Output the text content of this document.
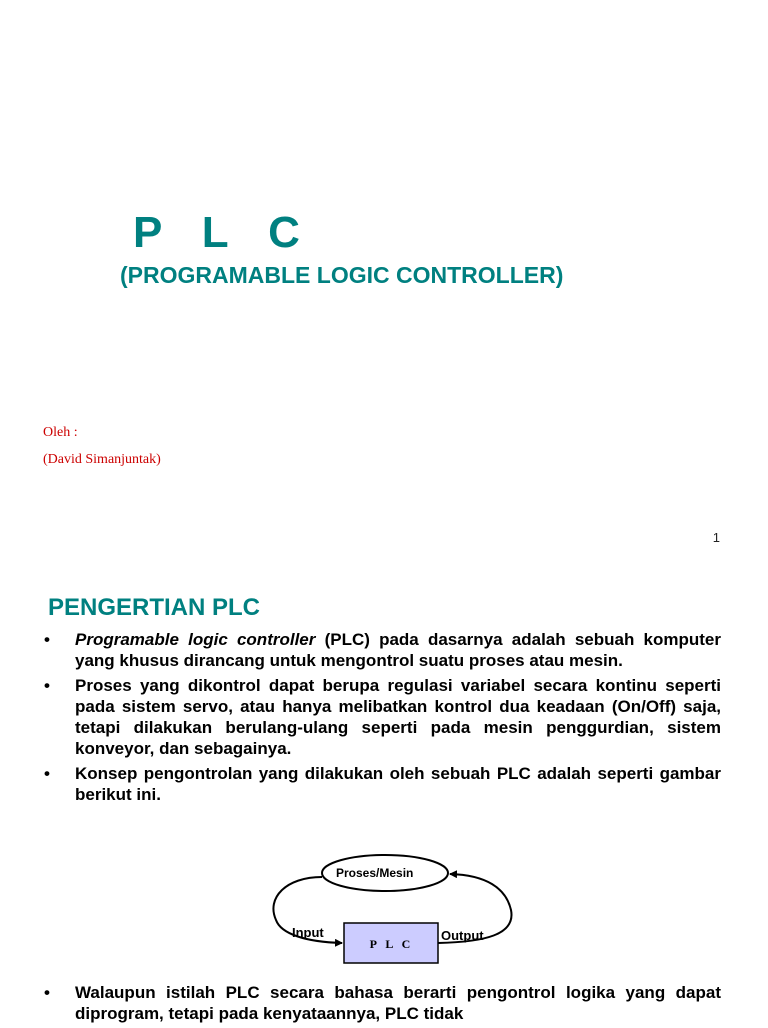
P L C
(PROGRAMABLE LOGIC CONTROLLER)
Oleh :
(David Simanjuntak)
1
PENGERTIAN PLC
• Programable logic controller (PLC) pada dasarnya adalah sebuah komputer yang khusus dirancang untuk mengontrol suatu proses atau mesin.
• Proses yang dikontrol dapat berupa regulasi variabel secara kontinu seperti pada sistem servo, atau hanya melibatkan kontrol dua keadaan (On/Off) saja, tetapi dilakukan berulang-ulang seperti pada mesin penggurdian, sistem konveyor, dan sebagainya.
• Konsep pengontrolan yang dilakukan oleh sebuah PLC adalah seperti gambar berikut ini.
Proses/Mesin
Input	Output
P L C
• Walaupun istilah PLC secara bahasa berarti pengontrol logika yang dapat diprogram, tetapi pada kenyataannya, PLC tidak
